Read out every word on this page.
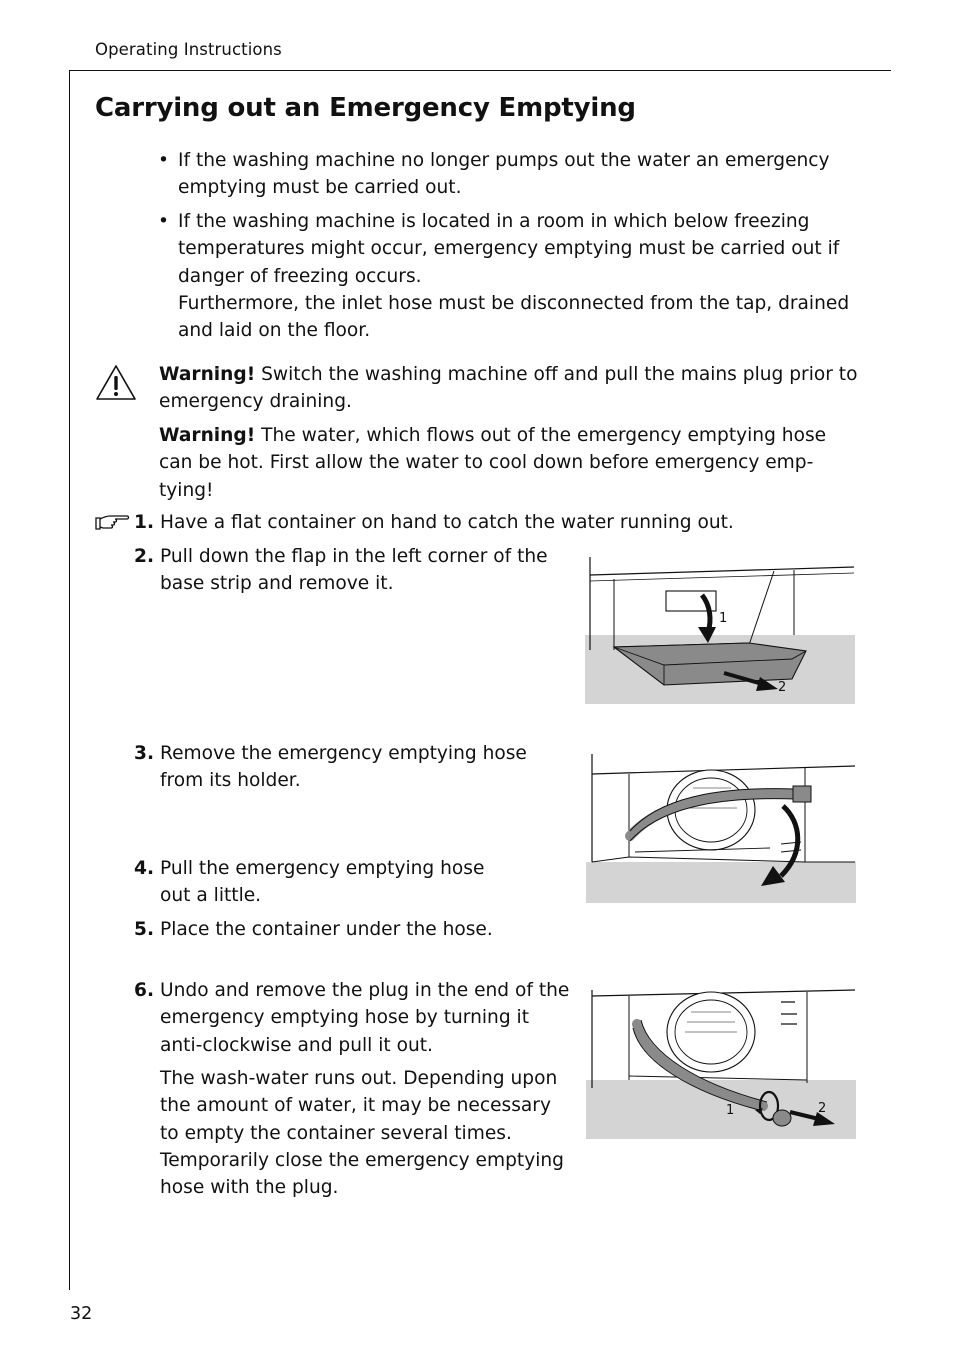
Operating Instructions
Carrying out an Emergency Emptying
• If the washing machine no longer pumps out the water an emergency emptying must be carried out.
• If the washing machine is located in a room in which below freezing temperatures might occur, emergency emptying must be carried out if danger of freezing occurs.
Furthermore, the inlet hose must be disconnected from the tap, drained and laid on the floor.
Warning! Switch the washing machine off and pull the mains plug prior to emergency draining.
Warning! The water, which flows out of the emergency emptying hose can be hot. First allow the water to cool down before emergency emp-tying!
1. Have a flat container on hand to catch the water running out.
2. Pull down the flap in the left corner of the base strip and remove it.
3. Remove the emergency emptying hose from its holder.
4. Pull the emergency emptying hose out a little.
5. Place the container under the hose.
6. Undo and remove the plug in the end of the emergency emptying hose by turning it anti-clockwise and pull it out.
The wash-water runs out. Depending upon the amount of water, it may be necessary to empty the container several times. Temporarily close the emergency emptying hose with the plug.
1
2
1	2
32
